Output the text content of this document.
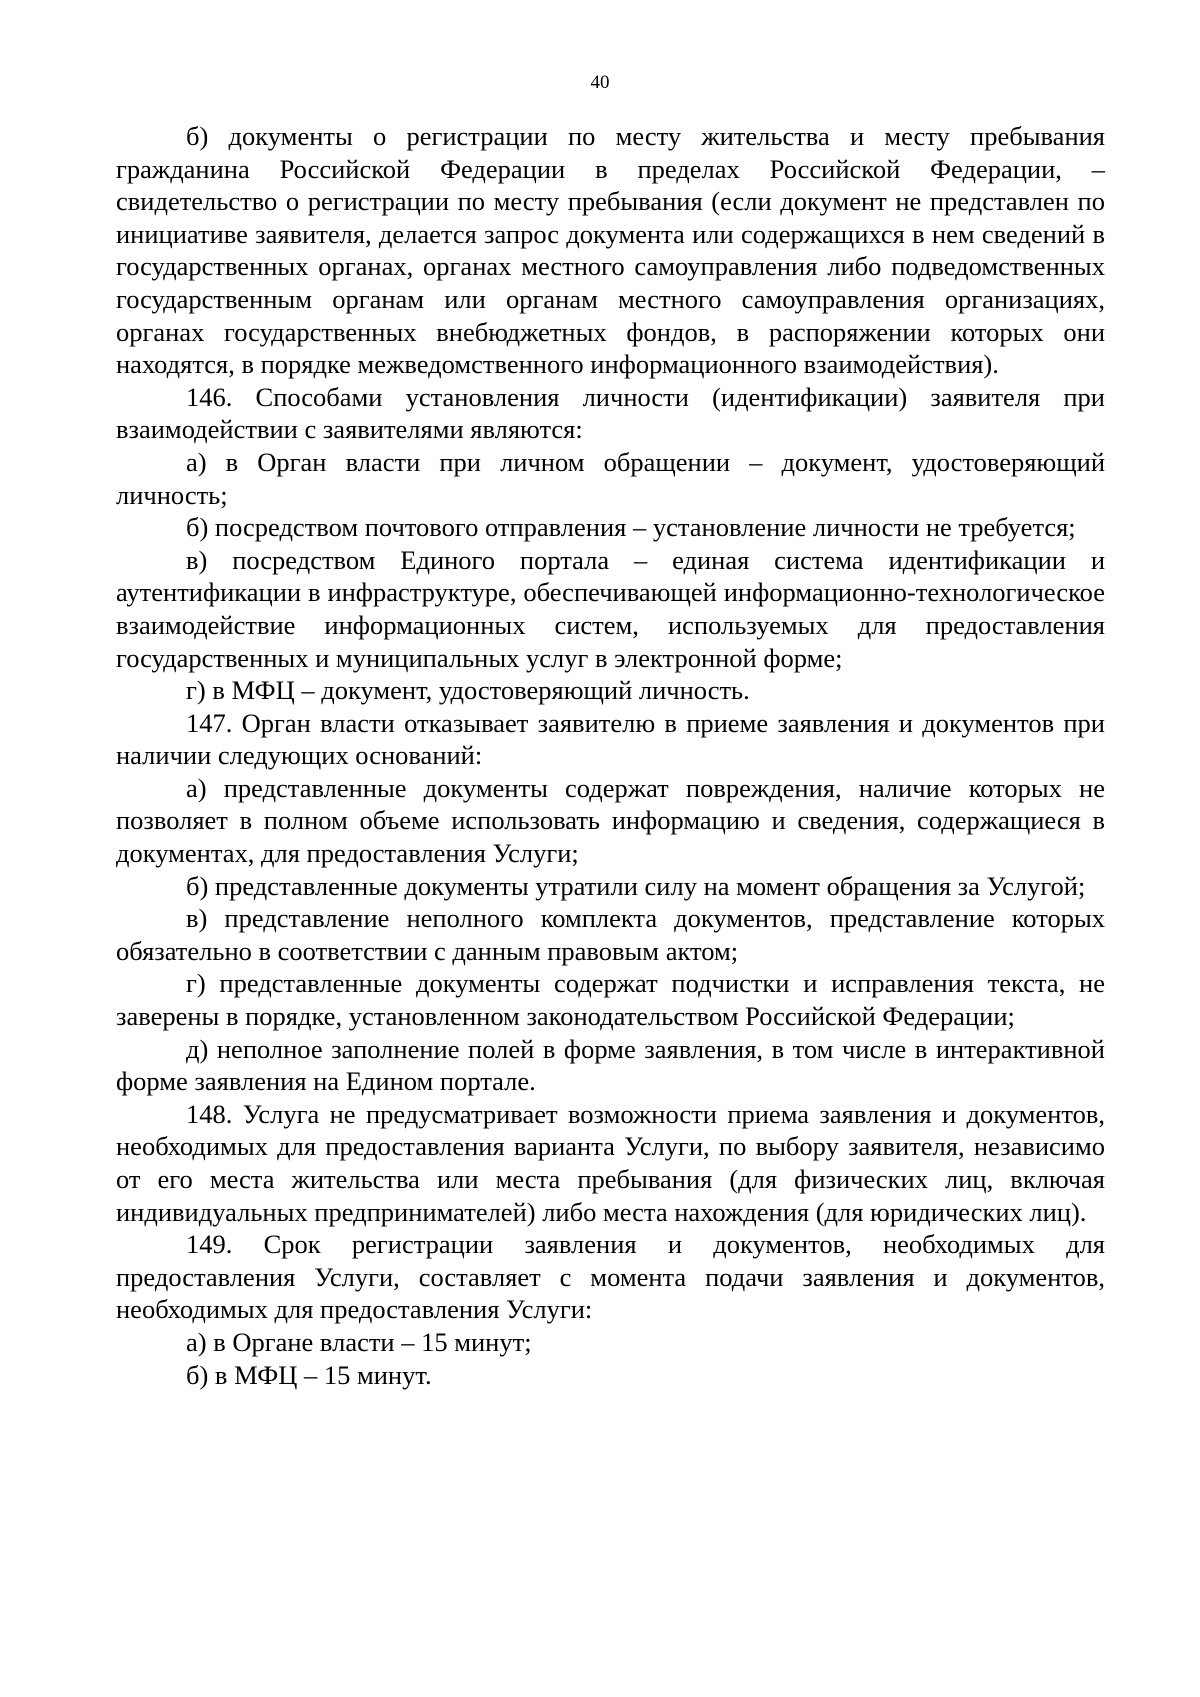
40

б) документы о регистрации по месту жительства и месту пребывания гражданина Российской Федерации в пределах Российской Федерации, – свидетельство о регистрации по месту пребывания (если документ не представлен по инициативе заявителя, делается запрос документа или содержащихся в нем сведений в государственных органах, органах местного самоуправления либо подведомственных государственным органам или органам местного самоуправления организациях, органах государственных внебюджетных фондов, в распоряжении которых они находятся, в порядке межведомственного информационного взаимодействия).

146. Способами установления личности (идентификации) заявителя при взаимодействии с заявителями являются:

а) в Орган власти при личном обращении – документ, удостоверяющий личность;

б) посредством почтового отправления – установление личности не требуется;

в) посредством Единого портала – единая система идентификации и аутентификации в инфраструктуре, обеспечивающей информационно-технологическое взаимодействие информационных систем, используемых для предоставления государственных и муниципальных услуг в электронной форме;

г) в МФЦ – документ, удостоверяющий личность.

147. Орган власти отказывает заявителю в приеме заявления и документов при наличии следующих оснований:

а) представленные документы содержат повреждения, наличие которых не позволяет в полном объеме использовать информацию и сведения, содержащиеся в документах, для предоставления Услуги;

б) представленные документы утратили силу на момент обращения за Услугой;

в) представление неполного комплекта документов, представление которых обязательно в соответствии с данным правовым актом;

г) представленные документы содержат подчистки и исправления текста, не заверены в порядке, установленном законодательством Российской Федерации;

д) неполное заполнение полей в форме заявления, в том числе в интерактивной форме заявления на Едином портале.

148. Услуга не предусматривает возможности приема заявления и документов, необходимых для предоставления варианта Услуги, по выбору заявителя, независимо от его места жительства или места пребывания (для физических лиц, включая индивидуальных предпринимателей) либо места нахождения (для юридических лиц).

149. Срок регистрации заявления и документов, необходимых для предоставления Услуги, составляет с момента подачи заявления и документов, необходимых для предоставления Услуги:

а) в Органе власти – 15 минут;

б) в МФЦ – 15 минут.
